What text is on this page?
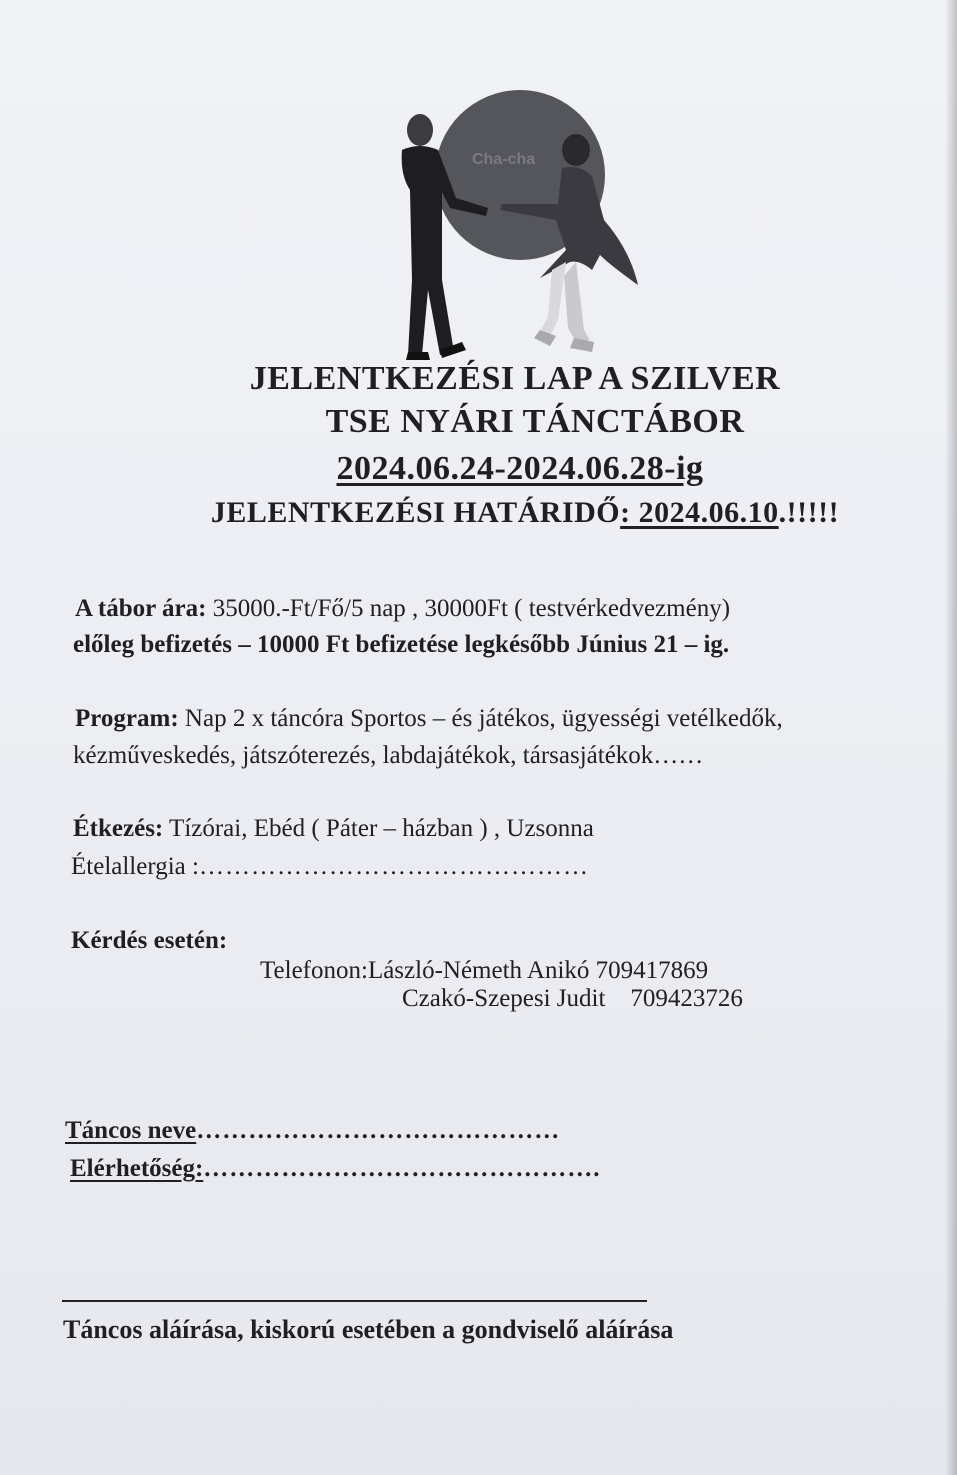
Cha-cha
JELENTKEZÉSI LAP A SZILVER
TSE NYÁRI TÁNCTÁBOR
2024.06.24-2024.06.28-ig
JELENTKEZÉSI HATÁRIDŐ: 2024.06.10.!!!!!
A tábor ára: 35000.-Ft/Fő/5 nap , 30000Ft ( testvérkedvezmény)
előleg befizetés – 10000 Ft befizetése legkésőbb Június 21 – ig.
Program: Nap 2 x táncóra Sportos – és játékos, ügyességi vetélkedők,
kézműveskedés, játszóterezés, labdajátékok, társasjátékok……
Étkezés: Tízórai, Ebéd ( Páter – házban ) , Uzsonna
Ételallergia :………………………………………
Kérdés esetén:
Telefonon:László-Németh Anikó 709417869
Czakó-Szepesi Judit    709423726
Táncos neve……………………………………
Elérhetőség:……………………………………….
Táncos aláírása, kiskorú esetében a gondviselő aláírása
